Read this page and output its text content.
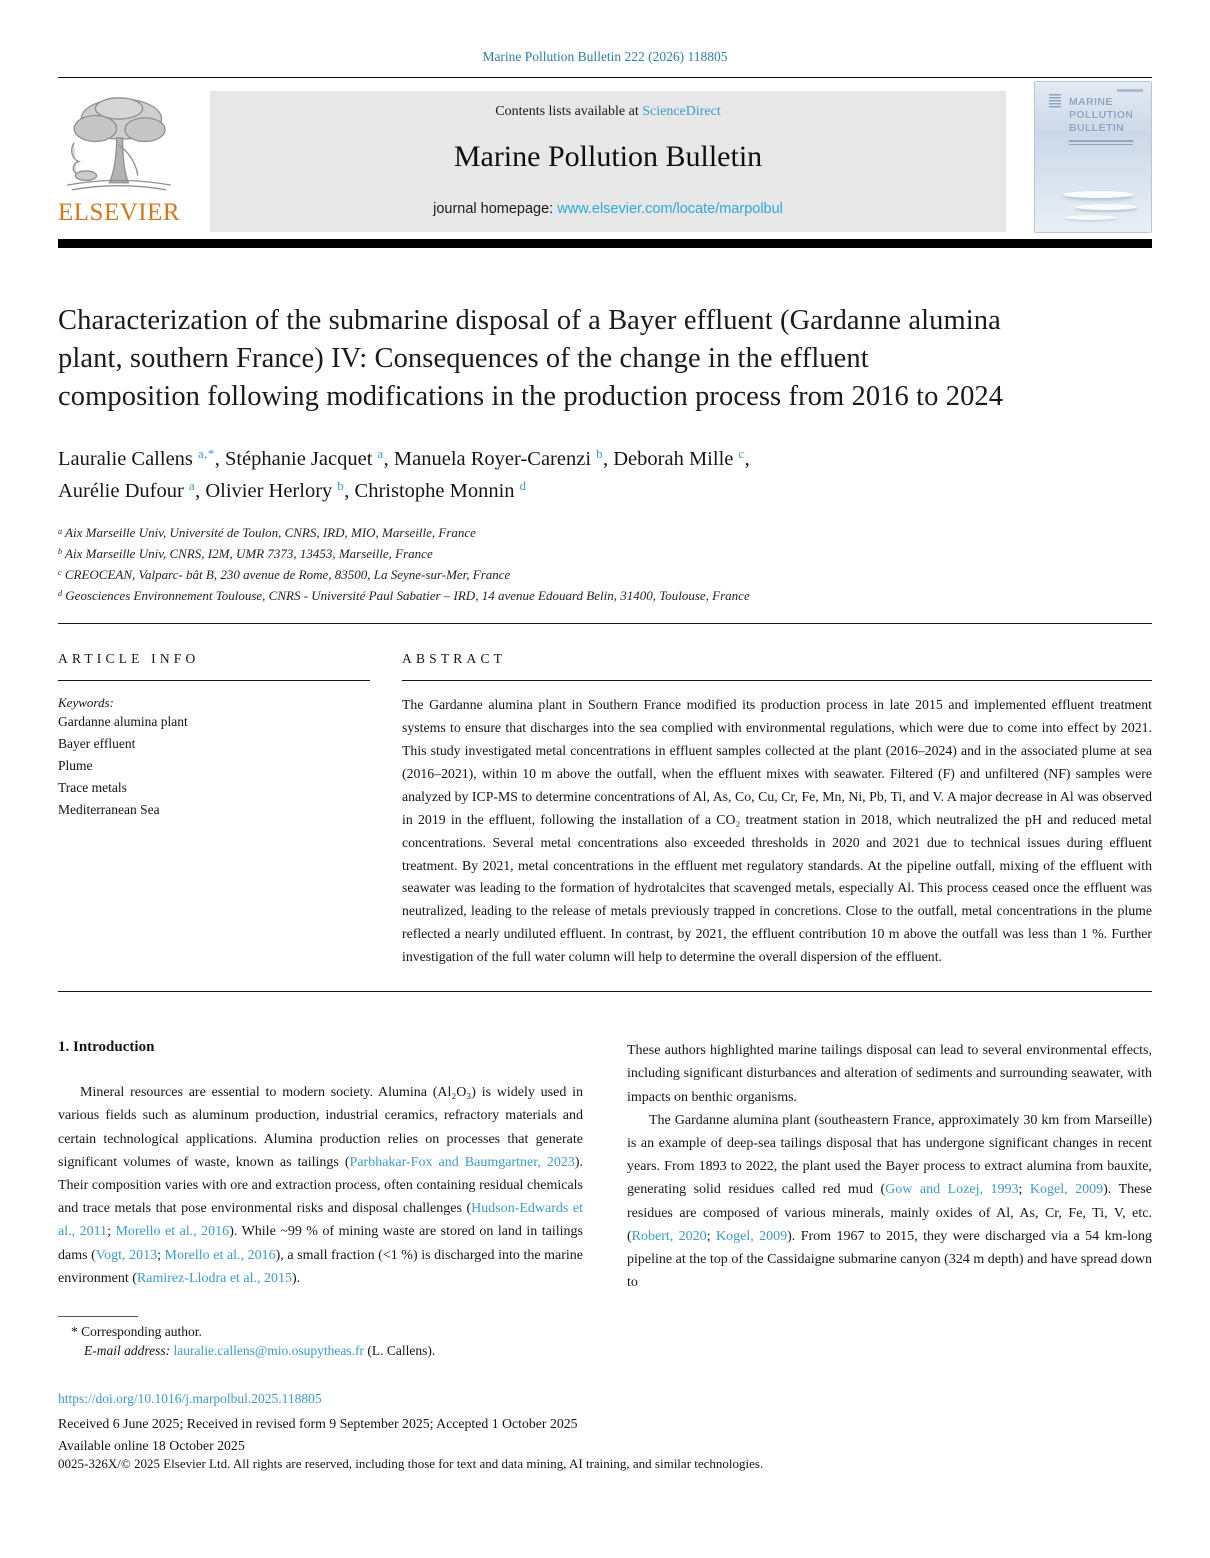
Marine Pollution Bulletin 222 (2026) 118805
ELSEVIER
Contents lists available at ScienceDirect
Marine Pollution Bulletin
journal homepage: www.elsevier.com/locate/marpolbul
MARINE
POLLUTION
BULLETIN
Characterization of the submarine disposal of a Bayer effluent (Gardanne alumina plant, southern France) IV: Consequences of the change in the effluent composition following modifications in the production process from 2016 to 2024
Lauralie Callens $^{a,*}$, Stéphanie Jacquet $^a$, Manuela Royer-Carenzi $^b$, Deborah Mille $^c$,
Aurélie Dufour $^a$, Olivier Herlory $^b$, Christophe Monnin $^d$
$^a$ Aix Marseille Univ, Université de Toulon, CNRS, IRD, MIO, Marseille, France
$^b$ Aix Marseille Univ, CNRS, I2M, UMR 7373, 13453, Marseille, France
$^c$ CREOCEAN, Valparc- bât B, 230 avenue de Rome, 83500, La Seyne-sur-Mer, France
$^d$ Geosciences Environnement Toulouse, CNRS - Université Paul Sabatier – IRD, 14 avenue Edouard Belin, 31400, Toulouse, France
ARTICLE INFO
Keywords:
Gardanne alumina plant
Bayer effluent
Plume
Trace metals
Mediterranean Sea
ABSTRACT

The Gardanne alumina plant in Southern France modified its production process in late 2015 and implemented effluent treatment systems to ensure that discharges into the sea complied with environmental regulations, which were due to come into effect by 2021. This study investigated metal concentrations in effluent samples collected at the plant (2016–2024) and in the associated plume at sea (2016–2021), within 10 m above the outfall, when the effluent mixes with seawater. Filtered (F) and unfiltered (NF) samples were analyzed by ICP-MS to determine concentrations of Al, As, Co, Cu, Cr, Fe, Mn, Ni, Pb, Ti, and V. A major decrease in Al was observed in 2019 in the effluent, following the installation of a CO₂ treatment station in 2018, which neutralized the pH and reduced metal concentrations. Several metal concentrations also exceeded thresholds in 2020 and 2021 due to technical issues during effluent treatment. By 2021, metal concentrations in the effluent met regulatory standards. At the pipeline outfall, mixing of the effluent with seawater was leading to the formation of hydrotalcites that scavenged metals, especially Al. This process ceased once the effluent was neutralized, leading to the release of metals previously trapped in concretions. Close to the outfall, metal concentrations in the plume reflected a nearly undiluted effluent. In contrast, by 2021, the effluent contribution 10 m above the outfall was less than 1 %. Further investigation of the full water column will help to determine the overall dispersion of the effluent.

1. Introduction

Mineral resources are essential to modern society. Alumina (Al₂O₃) is widely used in various fields such as aluminum production, industrial ceramics, refractory materials and certain technological applications. Alumina production relies on processes that generate significant volumes of waste, known as tailings (Parbhakar-Fox and Baumgartner, 2023). Their composition varies with ore and extraction process, often containing residual chemicals and trace metals that pose environmental risks and disposal challenges (Hudson-Edwards et al., 2011; Morello et al., 2016). While ~99 % of mining waste are stored on land in tailings dams (Vogt, 2013; Morello et al., 2016), a small fraction (<1 %) is discharged into the marine environment (Ramirez-Llodra et al., 2015).

These authors highlighted marine tailings disposal can lead to several environmental effects, including significant disturbances and alteration of sediments and surrounding seawater, with impacts on benthic organisms.

The Gardanne alumina plant (southeastern France, approximately 30 km from Marseille) is an example of deep-sea tailings disposal that has undergone significant changes in recent years. From 1893 to 2022, the plant used the Bayer process to extract alumina from bauxite, generating solid residues called red mud (Gow and Lozej, 1993; Kogel, 2009). These residues are composed of various minerals, mainly oxides of Al, As, Cr, Fe, Ti, V, etc. (Robert, 2020; Kogel, 2009). From 1967 to 2015, they were discharged via a 54 km-long pipeline at the top of the Cassidaigne submarine canyon (324 m depth) and have spread down to

* Corresponding author.
E-mail address: lauralie.callens@mio.osupytheas.fr (L. Callens).
https://doi.org/10.1016/j.marpolbul.2025.118805
Received 6 June 2025; Received in revised form 9 September 2025; Accepted 1 October 2025
Available online 18 October 2025
0025-326X/© 2025 Elsevier Ltd. All rights are reserved, including those for text and data mining, AI training, and similar technologies.
